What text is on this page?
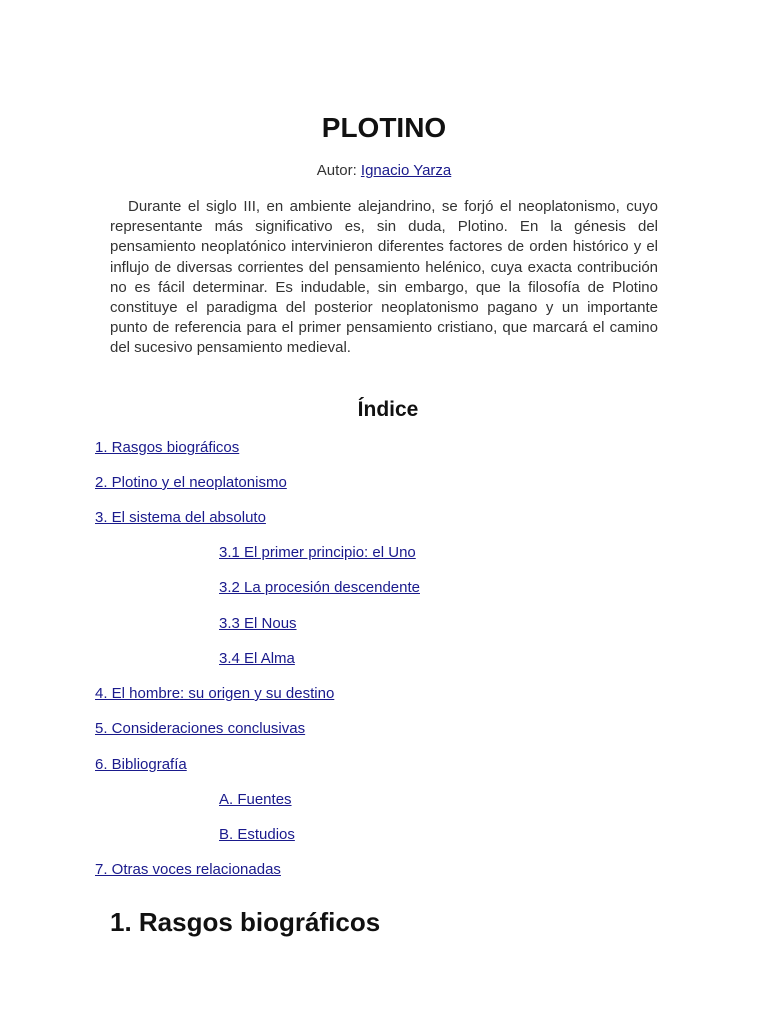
PLOTINO
Autor: Ignacio Yarza

Durante el siglo III, en ambiente alejandrino, se forjó el neoplatonismo, cuyo representante más significativo es, sin duda, Plotino. En la génesis del pensamiento neoplatónico intervinieron diferentes factores de orden histórico y el influjo de diversas corrientes del pensamiento helénico, cuya exacta contribución no es fácil determinar. Es indudable, sin embargo, que la filosofía de Plotino constituye el paradigma del posterior neoplatonismo pagano y un importante punto de referencia para el primer pensamiento cristiano, que marcará el camino del sucesivo pensamiento medieval.

Índice
1. Rasgos biográficos
2. Plotino y el neoplatonismo
3. El sistema del absoluto
3.1 El primer principio: el Uno
3.2 La procesión descendente
3.3 El Nous
3.4 El Alma
4. El hombre: su origen y su destino
5. Consideraciones conclusivas
6. Bibliografía
A. Fuentes
B. Estudios
7. Otras voces relacionadas
1. Rasgos biográficos
